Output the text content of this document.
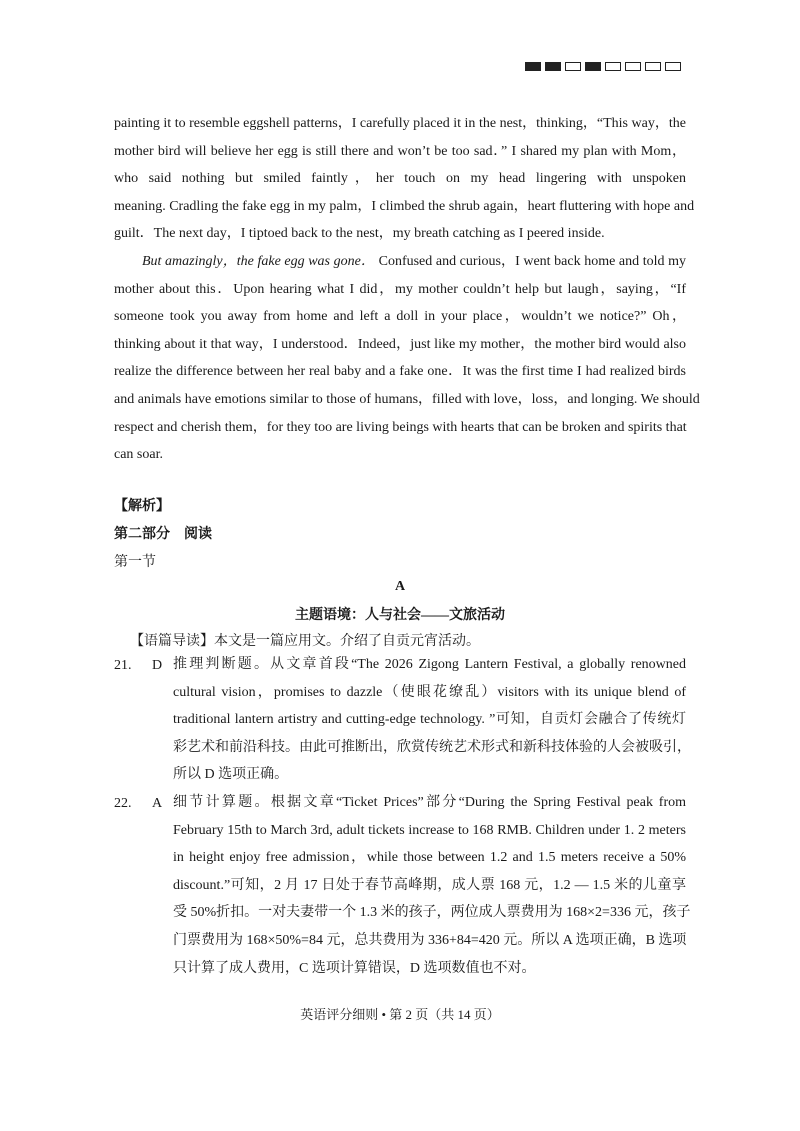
painting it to resemble eggshell patterns，I carefully placed it in the nest，thinking，“This way，the
mother bird will believe her egg is still there and won’t be too sad．” I shared my plan with Mom，
who said nothing but smiled faintly，her touch on my head lingering with unspoken
meaning. Cradling the fake egg in my palm，I climbed the shrub again，heart fluttering with hope and
guilt．The next day，I tiptoed back to the nest，my breath catching as I peered inside.
But amazingly，the fake egg was gone． Confused and curious，I went back home and told my
mother about this．Upon hearing what I did，my mother couldn’t help but laugh，saying，“If
someone took you away from home and left a doll in your place，wouldn’t we notice?” Oh，
thinking about it that way，I understood．Indeed，just like my mother，the mother bird would also
realize the difference between her real baby and a fake one．It was the first time I had realized birds
and animals have emotions similar to those of humans，filled with love，loss，and longing. We should
respect and cherish them，for they too are living beings with hearts that can be broken and spirits that
can soar.
【解析】
第二部分　阅读
第一节
A
主题语境：人与社会——文旅活动
【语篇导读】本文是一篇应用文。介绍了自贡元宵活动。
21. D 推理判断题。从文章首段“The 2026 Zigong Lantern Festival, a globally renowned
cultural vision，promises to dazzle（使眼花缭乱）visitors with its unique blend of
traditional lantern artistry and cutting-edge technology. ”可知，自贡灯会融合了传统灯
彩艺术和前沿科技。由此可推断出，欣赏传统艺术形式和新科技体验的人会被吸引，
所以 D 选项正确。
22. A 细节计算题。根据文章“Ticket Prices”部分“During the Spring Festival peak from
February 15th to March 3rd, adult tickets increase to 168 RMB. Children under 1. 2 meters
in height enjoy free admission，while those between 1.2 and 1.5 meters receive a 50%
discount.”可知，2 月 17 日处于春节高峰期，成人票 168 元，1.2 — 1.5 米的儿童享
受 50%折扣。一对夫妻带一个 1.3 米的孩子，两位成人票费用为 168×2=336 元，孩子
门票费用为 168×50%=84 元，总共费用为 336+84=420 元。所以 A 选项正确，B 选项
只计算了成人费用，C 选项计算错误，D 选项数值也不对。
英语评分细则 • 第 2 页（共 14 页）
